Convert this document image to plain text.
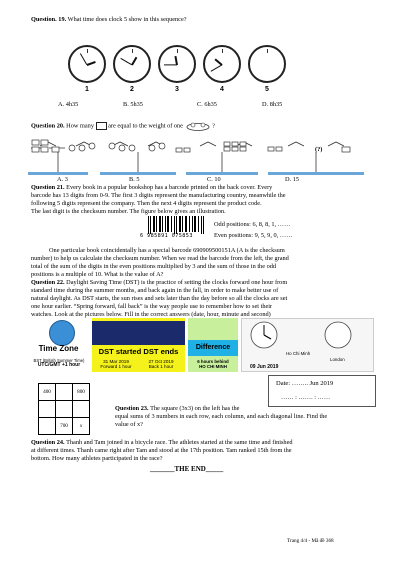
Question. 19. What time does clock 5 show in this sequence?
1	2	3	4	5
A. 4h35	B. 5h35	C. 6h35	D. 8h35
Question 20. How many are equal to the weight of one	?
(?)
A. 3	B. 5	C. 10	D. 15
Question 21. Every book in a popular bookshop has a barcode printed on the back cover. Every
barcode has 13 digits from 0-9. The first 3 digits represent the manufacturing country, meanwhile the
following 5 digits represent the company. Then the next 4 digits represent the product code.
The last digit is the checksum number. The figure below gives an illustration.
6 985891 075853
Odd positions: 6, 8, 8, 1, ……
Even positions: 9, 5, 9, 0, ……
One particular book coincidentally has a special barcode 690909500151A (A is the checksum
number) to help us calculate the checksum number. When we read the barcode from the left, the grand
total of the sum of the digits in the even positions multiplied by 3 and the sum of those in the odd
positions is a multiple of 10. What is the value of A?
Question 22. Daylight Saving Time (DST) is the practice of setting the clocks forward one hour from
standard time during the summer months, and back again in the fall, in order to make better use of
natural daylight. As DST starts, the sun rises and sets later than the day before so all the clocks are set
one hour earlier. “Spring forward, fall back” is the way people use to remember how to set their
watches. Look at the pictures below. Fill in the correct answers (date, hour, minute and second)
Time Zone
BST (British Summer Time)
UTC/GMT +1 hour
DST started DST ends
31 Mar 2019
Forward 1 hour
27 Oct 2019
Back 1 hour
Difference
6 hours behind
HO CHI MINH
Ho Chi Minh
London
09 Jun 2019
Date: …….. Jun 2019
…… : ……. : ……
400		800

	700	x
Question 23. The square (3x3) on the left has the
equal sums of 3 numbers in each row, each column, and each diagonal line. Find the
value of x?
Question 24. Thanh and Tam joined in a bicycle race. The athletes started at the same time and finished
at different times. Thanh came right after Tam and stood at the 17th position. Tam ranked 15th from the
bottom. How many athletes participated in the race?
_______THE END_____
Trang 4/4 - Mã đề 368
